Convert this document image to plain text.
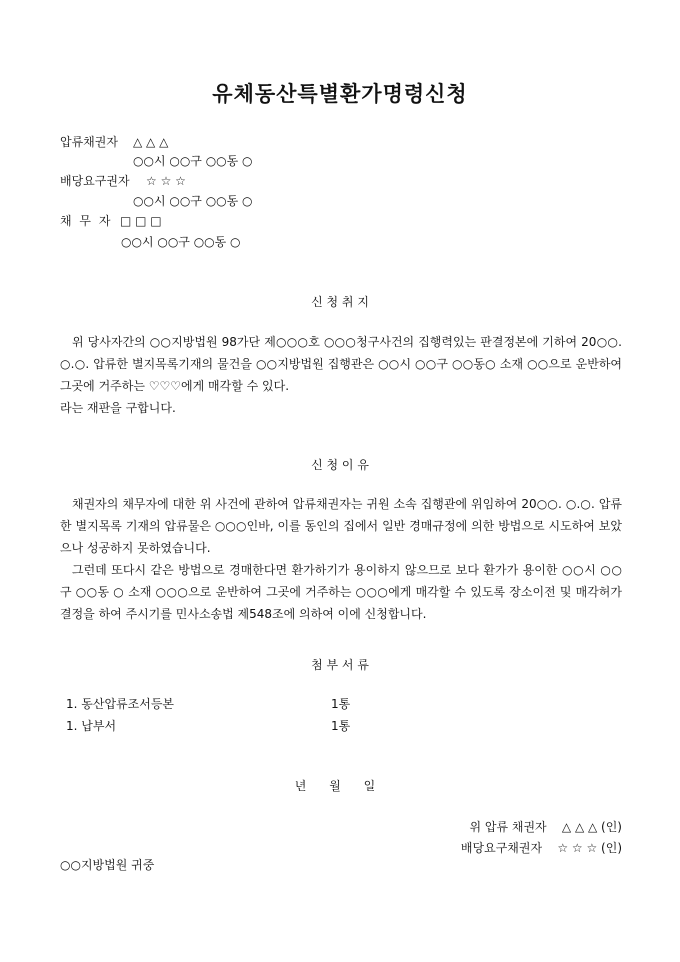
유체동산특별환가명령신청
압류채권자 △ △ △
○○시 ○○구 ○○동 ○
배당요구권자 ☆ ☆ ☆
○○시 ○○구 ○○동 ○
채 무 자 □ □ □
○○시 ○○구 ○○동 ○
신 청 취 지

위 당사자간의 ○○지방법원 98가단 제○○○호 ○○○청구사건의 집행력있는 판결정본에 기하여 20○○. ○.○. 압류한 별지목록기재의 물건을 ○○지방법원 집행관은 ○○시 ○○구 ○○동○ 소재 ○○으로 운반하여 그곳에 거주하는 ♡♡♡에게 매각할 수 있다.

라는 재판을 구합니다.

신 청 이 유

채권자의 채무자에 대한 위 사건에 관하여 압류채권자는 귀원 소속 집행관에 위임하여 20○○. ○.○. 압류한 별지목록 기재의 압류물은 ○○○인바, 이를 동인의 집에서 일반 경매규정에 의한 방법으로 시도하여 보았으나 성공하지 못하였습니다.

그런데 또다시 같은 방법으로 경매한다면 환가하기가 용이하지 않으므로 보다 환가가 용이한 ○○시 ○○구 ○○동 ○ 소재 ○○○으로 운반하여 그곳에 거주하는 ○○○에게 매각할 수 있도록 장소이전 및 매각허가결정을 하여 주시기를 민사소송법 제548조에 의하여 이에 신청합니다.

첨 부 서 류
1. 동산압류조서등본	1통
1. 납부서	1통
년      월      일
위 압류 채권자    △ △ △ (인)
배당요구채권자    ☆ ☆ ☆ (인)
○○지방법원 귀중
